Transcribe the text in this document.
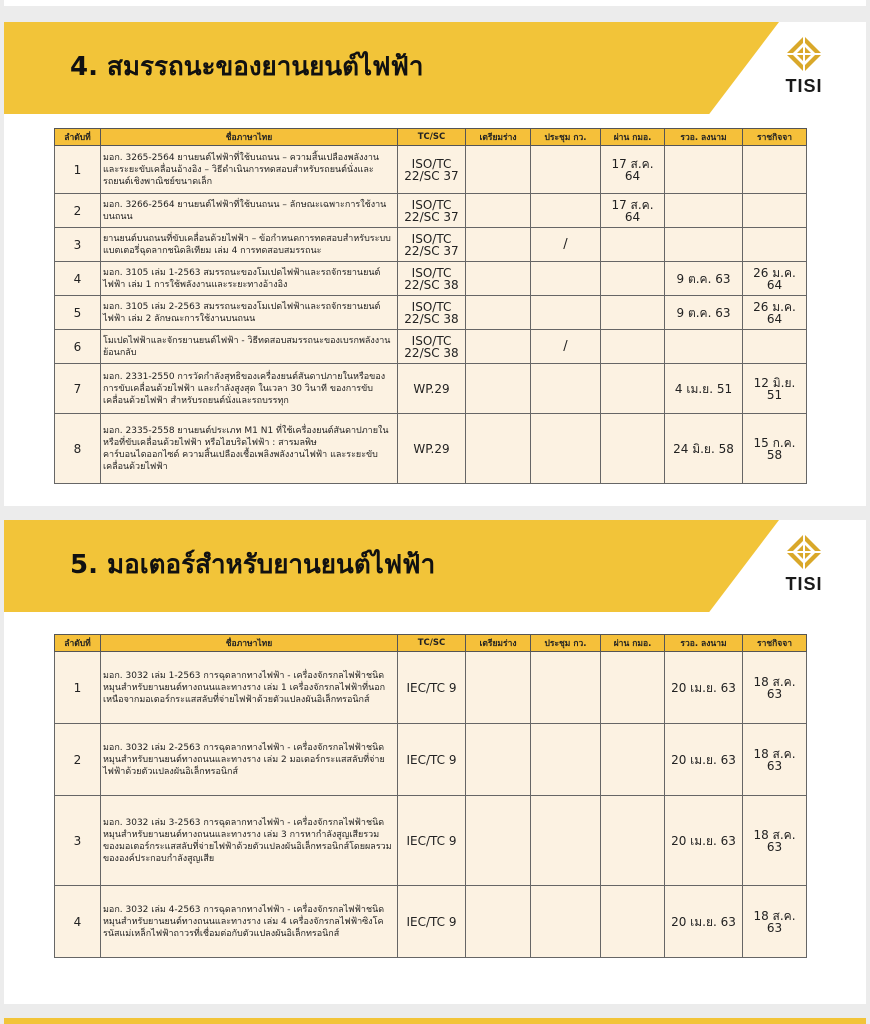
4. สมรรถนะของยานยนต์ไฟฟ้า
TISI
ลำดับที่	ชื่อภาษาไทย	TC/SC	เตรียมร่าง	ประชุม กว.	ผ่าน กมอ.	รวอ. ลงนาม	ราชกิจจา
1	มอก. 3265-2564 ยานยนต์ไฟฟ้าที่ใช้บนถนน – ความสิ้นเปลืองพลังงานและระยะขับเคลื่อนอ้างอิง – วิธีดำเนินการทดสอบสำหรับรถยนต์นั่งและรถยนต์เชิงพาณิชย์ขนาดเล็ก	ISO/TC
22/SC 37			17 ส.ค. 64		
2	มอก. 3266-2564 ยานยนต์ไฟฟ้าที่ใช้บนถนน – ลักษณะเฉพาะการใช้งานบนถนน	ISO/TC
22/SC 37			17 ส.ค. 64		
3	ยานยนต์บนถนนที่ขับเคลื่อนด้วยไฟฟ้า – ข้อกำหนดการทดสอบสำหรับระบบแบตเตอรี่ฉุดลากชนิดลิเทียม เล่ม 4 การทดสอบสมรรถนะ	ISO/TC
22/SC 37		/			
4	มอก. 3105 เล่ม 1-2563 สมรรถนะของโมเปดไฟฟ้าและรถจักรยานยนต์ไฟฟ้า เล่ม 1 การใช้พลังงานและระยะทางอ้างอิง	ISO/TC
22/SC 38				9 ต.ค. 63	26 ม.ค. 64
5	มอก. 3105 เล่ม 2-2563 สมรรถนะของโมเปดไฟฟ้าและรถจักรยานยนต์ไฟฟ้า เล่ม 2 ลักษณะการใช้งานบนถนน	ISO/TC
22/SC 38				9 ต.ค. 63	26 ม.ค. 64
6	โมเปดไฟฟ้าและจักรยานยนต์ไฟฟ้า - วิธีทดสอบสมรรถนะของเบรกพลังงานย้อนกลับ	ISO/TC
22/SC 38		/			
7	มอก. 2331-2550 การวัดกำลังสุทธิของเครื่องยนต์สันดาปภายในหรือของการขับเคลื่อนด้วยไฟฟ้า และกำลังสูงสุด ในเวลา 30 วินาที ของการขับเคลื่อนด้วยไฟฟ้า สำหรับรถยนต์นั่งและรถบรรทุก	WP.29				4 เม.ย. 51	12 มิ.ย. 51
8	มอก. 2335-2558 ยานยนต์ประเภท M1 N1 ที่ใช้เครื่องยนต์สันดาปภายใน หรือที่ขับเคลื่อนด้วยไฟฟ้า หรือไฮบริดไฟฟ้า : สารมลพิษ คาร์บอนไดออกไซด์ ความสิ้นเปลืองเชื้อเพลิงพลังงานไฟฟ้า และระยะขับเคลื่อนด้วยไฟฟ้า	WP.29				24 มิ.ย. 58	15 ก.ค. 58
5. มอเตอร์สำหรับยานยนต์ไฟฟ้า
TISI
ลำดับที่	ชื่อภาษาไทย	TC/SC	เตรียมร่าง	ประชุม กว.	ผ่าน กมอ.	รวอ. ลงนาม	ราชกิจจา
1	มอก. 3032 เล่ม 1-2563 การฉุดลากทางไฟฟ้า - เครื่องจักรกลไฟฟ้าชนิดหมุนสำหรับยานยนต์ทางถนนและทางราง เล่ม 1 เครื่องจักรกลไฟฟ้าที่นอกเหนือจากมอเตอร์กระแสสลับที่จ่ายไฟฟ้าด้วยตัวแปลงผันอิเล็กทรอนิกส์	IEC/TC 9				20 เม.ย. 63	18 ส.ค. 63
2	มอก. 3032 เล่ม 2-2563 การฉุดลากทางไฟฟ้า - เครื่องจักรกลไฟฟ้าชนิดหมุนสำหรับยานยนต์ทางถนนและทางราง เล่ม 2 มอเตอร์กระแสสลับที่จ่ายไฟฟ้าด้วยตัวแปลงผันอิเล็กทรอนิกส์	IEC/TC 9				20 เม.ย. 63	18 ส.ค. 63
3	มอก. 3032 เล่ม 3-2563 การฉุดลากทางไฟฟ้า - เครื่องจักรกลไฟฟ้าชนิดหมุนสำหรับยานยนต์ทางถนนและทางราง เล่ม 3 การหากำลังสูญเสียรวมของมอเตอร์กระแสสลับที่จ่ายไฟฟ้าด้วยตัวแปลงผันอิเล็กทรอนิกส์โดยผลรวมขององค์ประกอบกำลังสูญเสีย	IEC/TC 9				20 เม.ย. 63	18 ส.ค. 63
4	มอก. 3032 เล่ม 4-2563 การฉุดลากทางไฟฟ้า - เครื่องจักรกลไฟฟ้าชนิดหมุนสำหรับยานยนต์ทางถนนและทางราง เล่ม 4 เครื่องจักรกลไฟฟ้าซิงโครนัสแม่เหล็กไฟฟ้าถาวรที่เชื่อมต่อกับตัวแปลงผันอิเล็กทรอนิกส์	IEC/TC 9				20 เม.ย. 63	18 ส.ค. 63
